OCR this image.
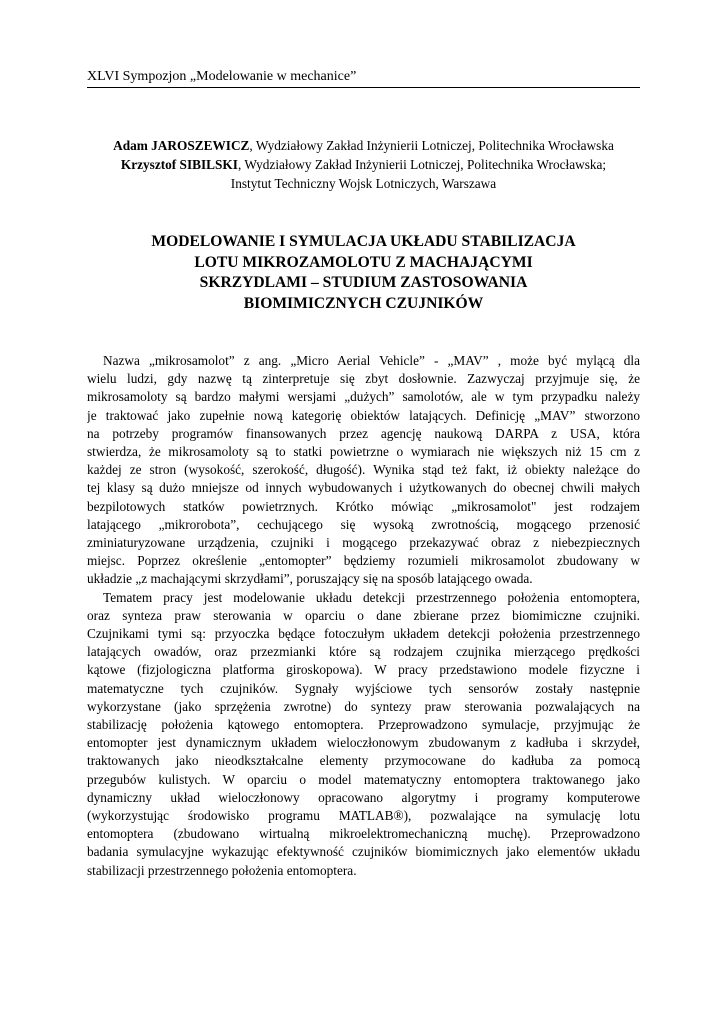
XLVI Sympozjon „Modelowanie w mechanice”
Adam JAROSZEWICZ, Wydziałowy Zakład Inżynierii Lotniczej, Politechnika Wrocławska
Krzysztof SIBILSKI, Wydziałowy Zakład Inżynierii Lotniczej, Politechnika Wrocławska;
Instytut Techniczny Wojsk Lotniczych, Warszawa
MODELOWANIE I SYMULACJA UKŁADU STABILIZACJA
LOTU MIKROZAMOLOTU Z MACHAJĄCYMI
SKRZYDLAMI – STUDIUM ZASTOSOWANIA
BIOMIMICZNYCH CZUJNIKÓW
Nazwa „mikrosamolot” z ang. „Micro Aerial Vehicle” - „MAV” , może być mylącą dla
wielu ludzi, gdy nazwę tą zinterpretuje się zbyt dosłownie. Zazwyczaj przyjmuje się, że
mikrosamoloty są bardzo małymi wersjami „dużych” samolotów, ale w tym przypadku należy
je traktować jako zupełnie nową kategorię obiektów latających. Definicję „MAV” stworzono
na potrzeby programów finansowanych przez agencję naukową DARPA z USA, która
stwierdza, że mikrosamoloty są to statki powietrzne o wymiarach nie większych niż 15 cm z
każdej ze stron (wysokość, szerokość, długość). Wynika stąd też fakt, iż obiekty należące do
tej klasy są dużo mniejsze od innych wybudowanych i użytkowanych do obecnej chwili małych
bezpilotowych statków powietrznych. Krótko mówiąc „mikrosamolot" jest rodzajem
latającego „mikrorobota”, cechującego się wysoką zwrotnością, mogącego przenosić
zminiaturyzowane urządzenia, czujniki i mogącego przekazywać obraz z niebezpiecznych
miejsc. Poprzez określenie „entomopter” będziemy rozumieli mikrosamolot zbudowany w
układzie „z machającymi skrzydłami”, poruszający się na sposób latającego owada.
Tematem pracy jest modelowanie układu detekcji przestrzennego położenia entomoptera,
oraz synteza praw sterowania w oparciu o dane zbierane przez biomimiczne czujniki.
Czujnikami tymi są: przyoczka będące fotoczułym układem detekcji położenia przestrzennego
latających owadów, oraz przezmianki które są rodzajem czujnika mierzącego prędkości
kątowe (fizjologiczna platforma giroskopowa). W pracy przedstawiono modele fizyczne i
matematyczne tych czujników. Sygnały wyjściowe tych sensorów zostały następnie
wykorzystane (jako sprzężenia zwrotne) do syntezy praw sterowania pozwalających na
stabilizację położenia kątowego entomoptera. Przeprowadzono symulacje, przyjmując że
entomopter jest dynamicznym układem wieloczłonowym zbudowanym z kadłuba i skrzydeł,
traktowanych jako nieodkształcalne elementy przymocowane do kadłuba za pomocą
przegubów kulistych. W oparciu o model matematyczny entomoptera traktowanego jako
dynamiczny układ wieloczłonowy opracowano algorytmy i programy komputerowe
(wykorzystując środowisko programu MATLAB®), pozwalające na symulację lotu
entomoptera (zbudowano wirtualną mikroelektromechaniczną muchę). Przeprowadzono
badania symulacyjne wykazując efektywność czujników biomimicznych jako elementów układu
stabilizacji przestrzennego położenia entomoptera.
